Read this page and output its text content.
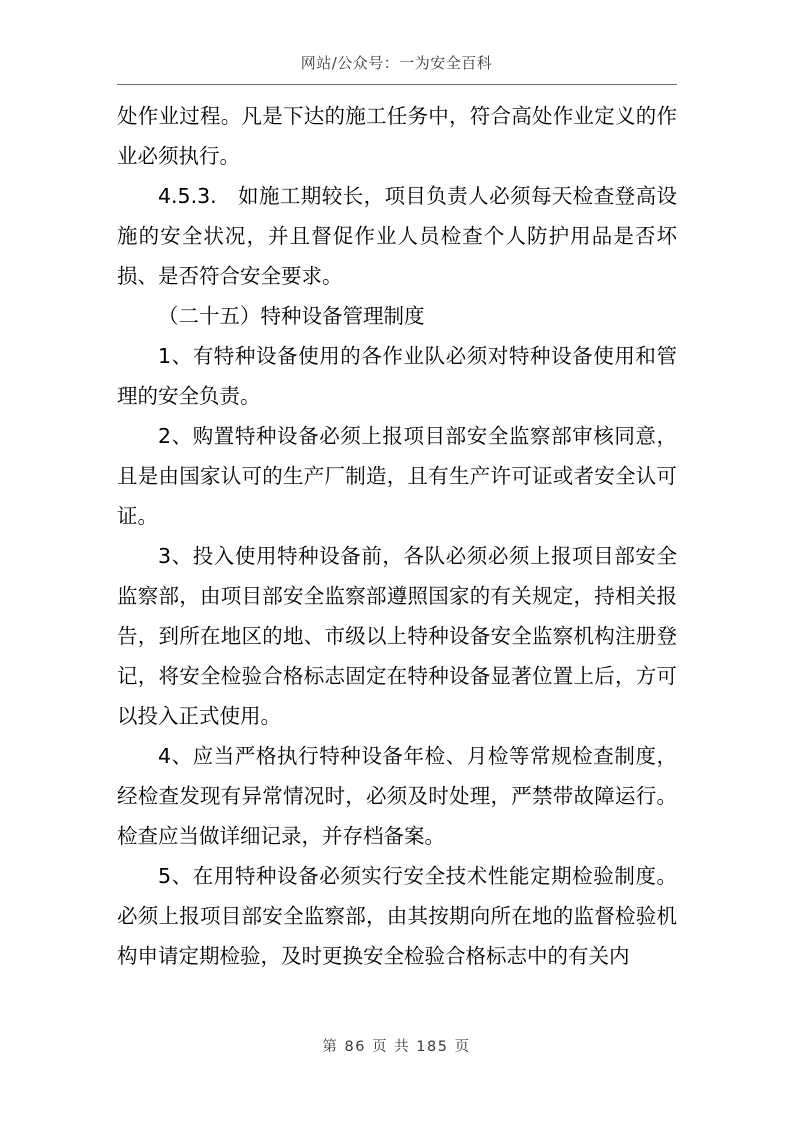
网站/公众号：一为安全百科

处作业过程。凡是下达的施工任务中，符合高处作业定义的作业必须执行。

4.5.3.　如施工期较长，项目负责人必须每天检查登高设施的安全状况，并且督促作业人员检查个人防护用品是否坏损、是否符合安全要求。

（二十五）特种设备管理制度

1、有特种设备使用的各作业队必须对特种设备使用和管理的安全负责。

2、购置特种设备必须上报项目部安全监察部审核同意，且是由国家认可的生产厂制造，且有生产许可证或者安全认可证。

3、投入使用特种设备前，各队必须必须上报项目部安全监察部，由项目部安全监察部遵照国家的有关规定，持相关报告，到所在地区的地、市级以上特种设备安全监察机构注册登记，将安全检验合格标志固定在特种设备显著位置上后，方可以投入正式使用。

4、应当严格执行特种设备年检、月检等常规检查制度，经检查发现有异常情况时，必须及时处理，严禁带故障运行。检查应当做详细记录，并存档备案。

5、在用特种设备必须实行安全技术性能定期检验制度。必须上报项目部安全监察部，由其按期向所在地的监督检验机构申请定期检验，及时更换安全检验合格标志中的有关内

第 86 页 共 185 页
